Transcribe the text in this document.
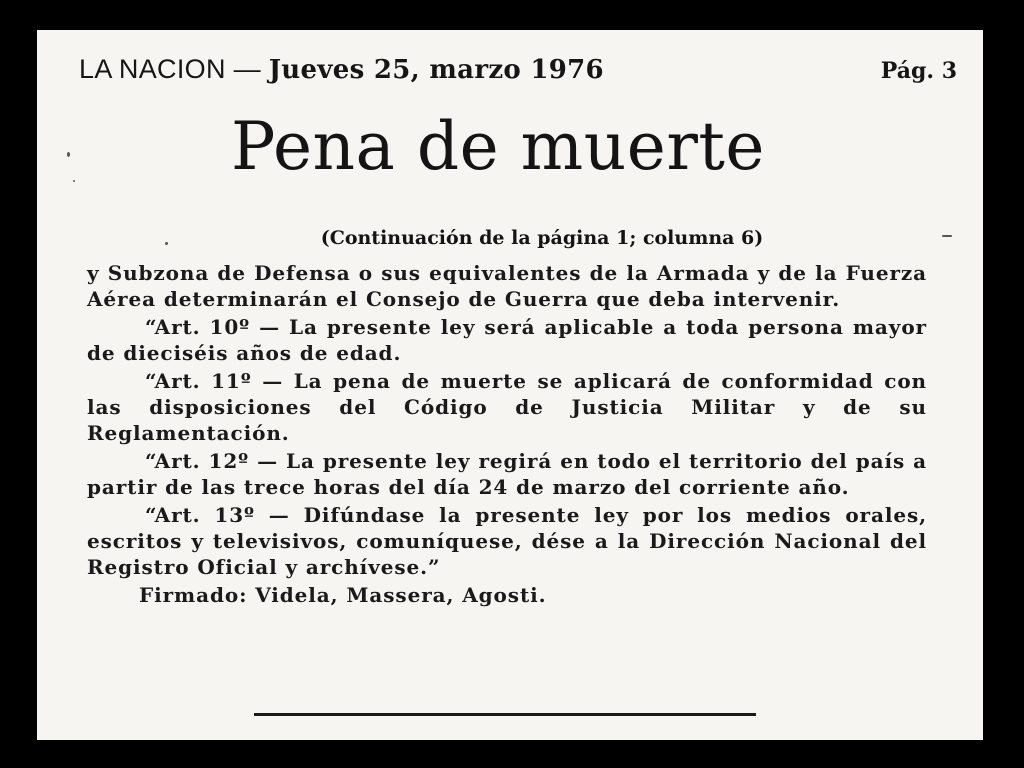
LA NACION — Jueves 25, marzo 1976	Pág. 3
Pena de muerte
(Continuación de la página 1; columna 6)

y Subzona de Defensa o sus equivalentes de la Armada y de la Fuerza Aérea determinarán el Consejo de Guerra que deba intervenir.

“Art. 10º — La presente ley será aplicable a toda persona mayor de dieciséis años de edad.

“Art. 11º — La pena de muerte se aplicará de conformidad con las disposiciones del Código de Justicia Militar y de su Reglamentación.

“Art. 12º — La presente ley regirá en todo el territorio del país a partir de las trece horas del día 24 de marzo del corriente año.

“Art. 13º — Difúndase la presente ley por los medios orales, escritos y televisivos, comuníquese, dése a la Dirección Nacional del Registro Oficial y archívese.”

Firmado: Videla, Massera, Agosti.
